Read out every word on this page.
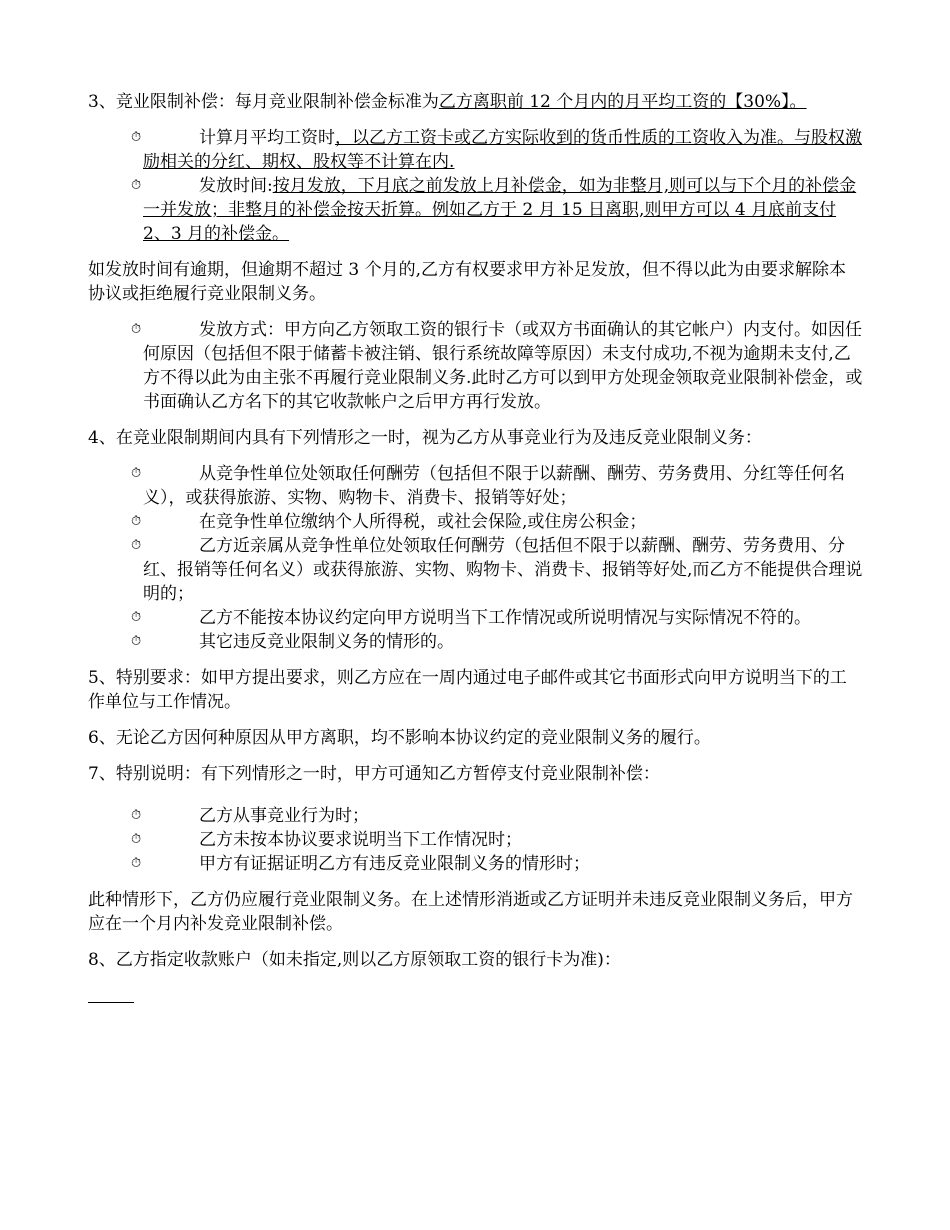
3、竞业限制补偿：每月竞业限制补偿金标准为乙方离职前 12 个月内的月平均工资的【30%】。

⏱	计算月平均工资时，以乙方工资卡或乙方实际收到的货币性质的工资收入为准。与股权激励相关的分红、期权、股权等不计算在内.
⏱	发放时间:按月发放，下月底之前发放上月补偿金，如为非整月,则可以与下个月的补偿金一并发放；非整月的补偿金按天折算。例如乙方于 2 月 15 日离职,则甲方可以 4 月底前支付 2、3 月的补偿金。

如发放时间有逾期，但逾期不超过 3 个月的,乙方有权要求甲方补足发放，但不得以此为由要求解除本协议或拒绝履行竞业限制义务。

⏱	发放方式：甲方向乙方领取工资的银行卡（或双方书面确认的其它帐户）内支付。如因任何原因（包括但不限于储蓄卡被注销、银行系统故障等原因）未支付成功,不视为逾期未支付,乙方不得以此为由主张不再履行竞业限制义务.此时乙方可以到甲方处现金领取竞业限制补偿金，或书面确认乙方名下的其它收款帐户之后甲方再行发放。

4、在竞业限制期间内具有下列情形之一时，视为乙方从事竞业行为及违反竞业限制义务：

⏱	从竞争性单位处领取任何酬劳（包括但不限于以薪酬、酬劳、劳务费用、分红等任何名义），或获得旅游、实物、购物卡、消费卡、报销等好处；
⏱	在竞争性单位缴纳个人所得税，或社会保险,或住房公积金；
⏱	乙方近亲属从竞争性单位处领取任何酬劳（包括但不限于以薪酬、酬劳、劳务费用、分红、报销等任何名义）或获得旅游、实物、购物卡、消费卡、报销等好处,而乙方不能提供合理说明的；
⏱	乙方不能按本协议约定向甲方说明当下工作情况或所说明情况与实际情况不符的。
⏱	其它违反竞业限制义务的情形的。

5、特别要求：如甲方提出要求，则乙方应在一周内通过电子邮件或其它书面形式向甲方说明当下的工作单位与工作情况。

6、无论乙方因何种原因从甲方离职，均不影响本协议约定的竞业限制义务的履行。

7、特别说明：有下列情形之一时，甲方可通知乙方暂停支付竞业限制补偿：

⏱	乙方从事竞业行为时；
⏱	乙方未按本协议要求说明当下工作情况时；
⏱	甲方有证据证明乙方有违反竞业限制义务的情形时；

此种情形下，乙方仍应履行竞业限制义务。在上述情形消逝或乙方证明并未违反竞业限制义务后，甲方应在一个月内补发竞业限制补偿。

8、乙方指定收款账户（如未指定,则以乙方原领取工资的银行卡为准)：
